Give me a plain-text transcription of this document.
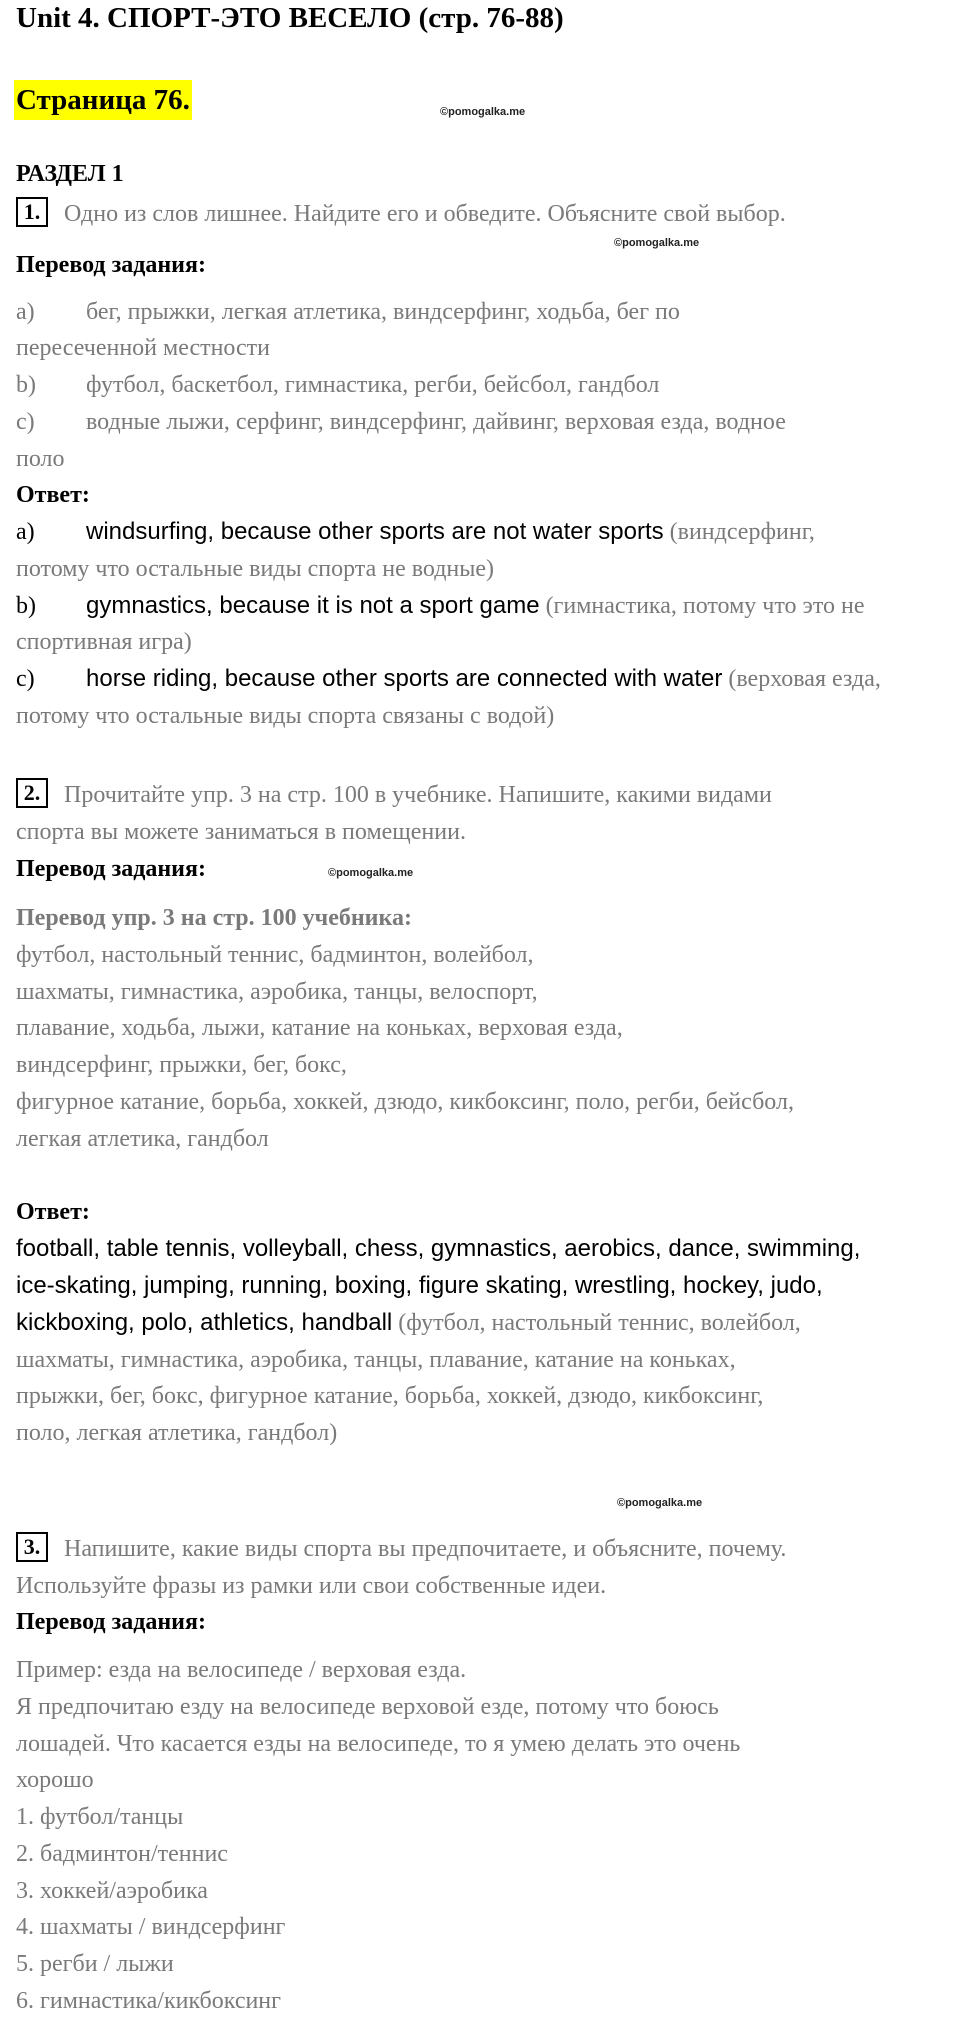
Unit 4. СПОРТ-ЭТО ВЕСЕЛО (стр. 76-88)
Страница 76.	©pomogalka.me
РАЗДЕЛ 1
1. Одно из слов лишнее. Найдите его и обведите. Объясните свой выбор.
©pomogalka.me
Перевод задания:
a) бег, прыжки, легкая атлетика, виндсерфинг, ходьба, бег по
пересеченной местности
b) футбол, баскетбол, гимнастика, регби, бейсбол, гандбол
c) водные лыжи, серфинг, виндсерфинг, дайвинг, верховая езда, водное
поло
Ответ:
a) windsurfing, because other sports are not water sports (виндсерфинг,
потому что остальные виды спорта не водные)
b) gymnastics, because it is not a sport game (гимнастика, потому что это не
спортивная игра)
c) horse riding, because other sports are connected with water (верховая езда,
потому что остальные виды спорта связаны с водой)
2. Прочитайте упр. 3 на стр. 100 в учебнике. Напишите, какими видами
спорта вы можете заниматься в помещении.
Перевод задания:	©pomogalka.me
Перевод упр. 3 на стр. 100 учебника:
футбол, настольный теннис, бадминтон, волейбол,
шахматы, гимнастика, аэробика, танцы, велоспорт,
плавание, ходьба, лыжи, катание на коньках, верховая езда,
виндсерфинг, прыжки, бег, бокс,
фигурное катание, борьба, хоккей, дзюдо, кикбоксинг, поло, регби, бейсбол,
легкая атлетика, гандбол
Ответ:
football, table tennis, volleyball, chess, gymnastics, aerobics, dance, swimming,
ice-skating, jumping, running, boxing, figure skating, wrestling, hockey, judo,
kickboxing, polo, athletics, handball (футбол, настольный теннис, волейбол,
шахматы, гимнастика, аэробика, танцы, плавание, катание на коньках,
прыжки, бег, бокс, фигурное катание, борьба, хоккей, дзюдо, кикбоксинг,
поло, легкая атлетика, гандбол)
©pomogalka.me
3. Напишите, какие виды спорта вы предпочитаете, и объясните, почему.
Используйте фразы из рамки или свои собственные идеи.
Перевод задания:
Пример: езда на велосипеде / верховая езда.
Я предпочитаю езду на велосипеде верховой езде, потому что боюсь
лошадей. Что касается езды на велосипеде, то я умею делать это очень
хорошо
1. футбол/танцы
2. бадминтон/теннис
3. хоккей/аэробика
4. шахматы / виндсерфинг
5. регби / лыжи
6. гимнастика/кикбоксинг
